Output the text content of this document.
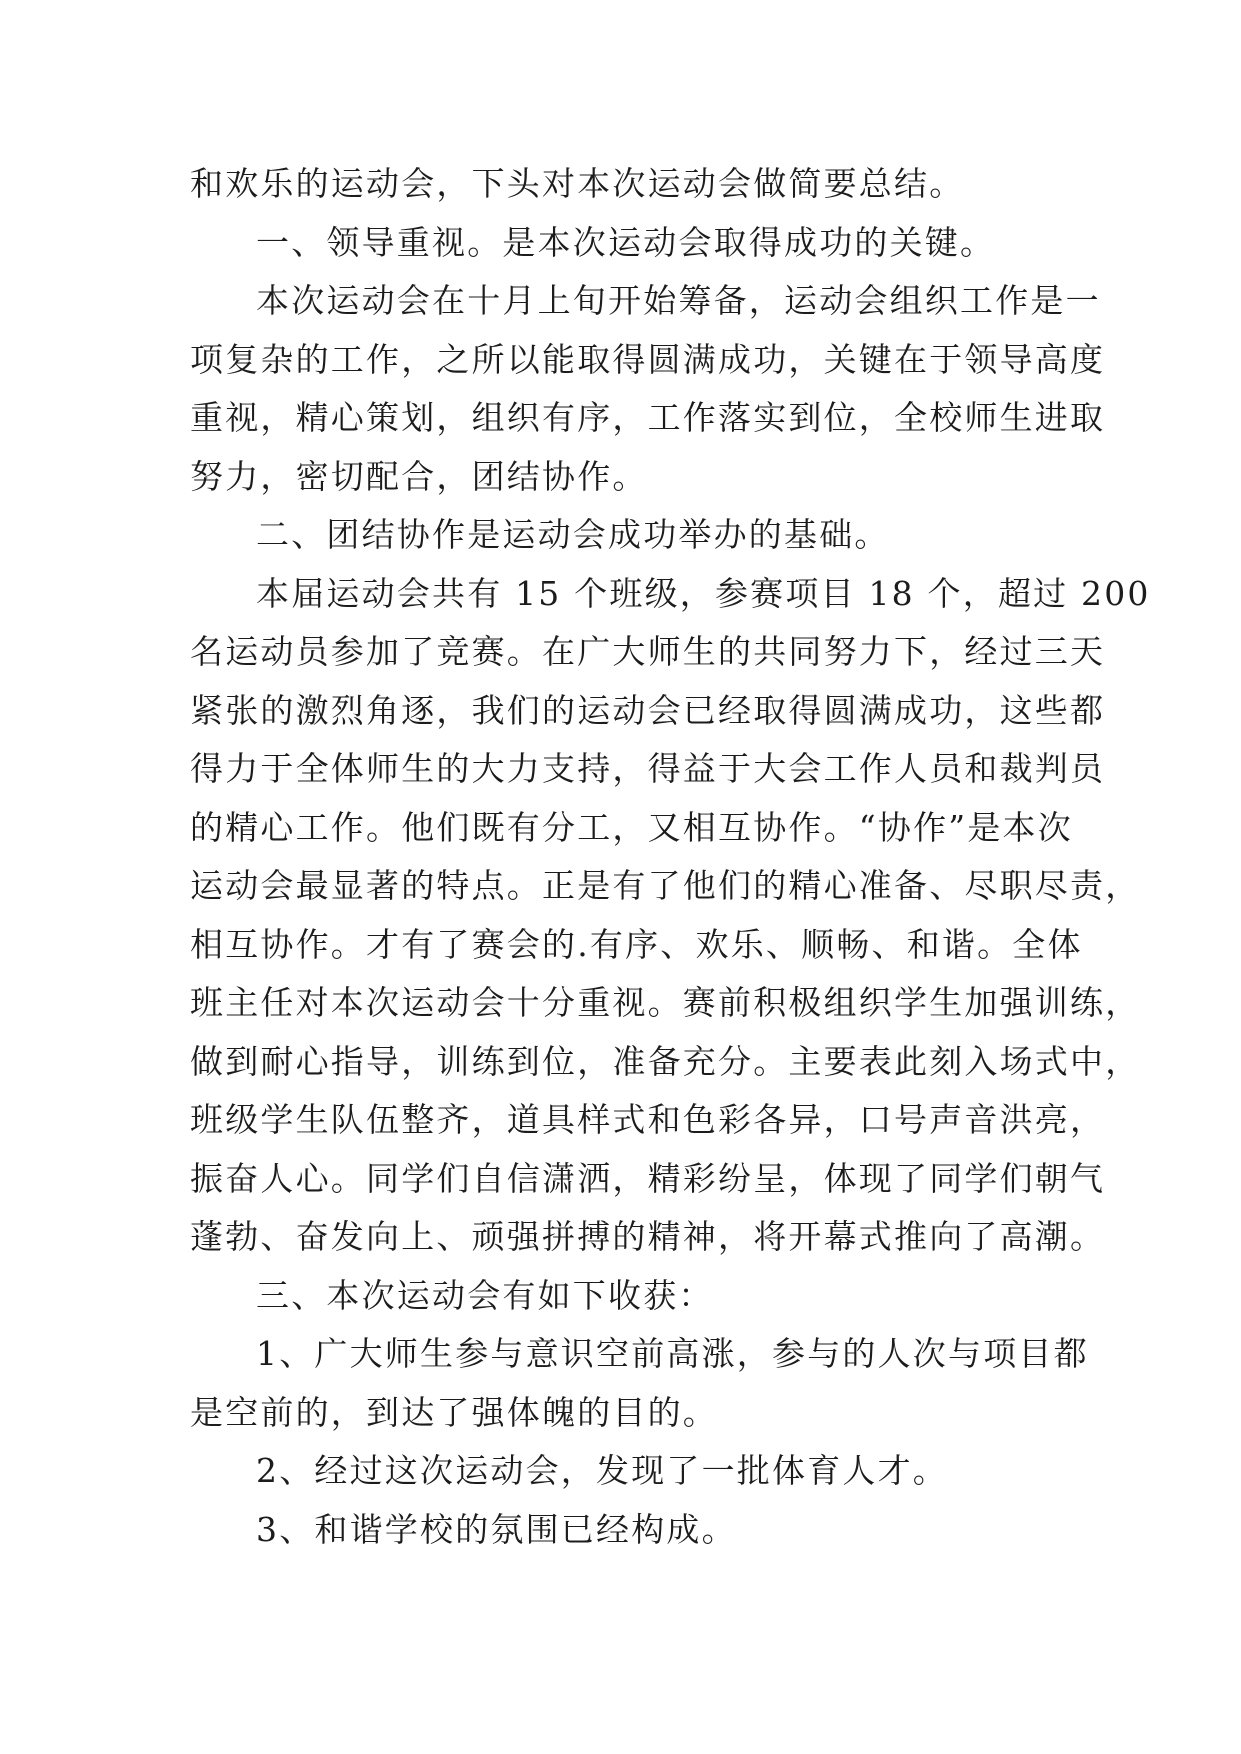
和欢乐的运动会，下头对本次运动会做简要总结。
一、领导重视。是本次运动会取得成功的关键。
本次运动会在十月上旬开始筹备，运动会组织工作是一
项复杂的工作，之所以能取得圆满成功，关键在于领导高度
重视，精心策划，组织有序，工作落实到位，全校师生进取
努力，密切配合，团结协作。
二、团结协作是运动会成功举办的基础。
本届运动会共有 15 个班级，参赛项目 18 个，超过 200
名运动员参加了竞赛。在广大师生的共同努力下，经过三天
紧张的激烈角逐，我们的运动会已经取得圆满成功，这些都
得力于全体师生的大力支持，得益于大会工作人员和裁判员
的精心工作。他们既有分工，又相互协作。“协作”是本次
运动会最显著的特点。正是有了他们的精心准备、尽职尽责，
相互协作。才有了赛会的.有序、欢乐、顺畅、和谐。全体
班主任对本次运动会十分重视。赛前积极组织学生加强训练，
做到耐心指导，训练到位，准备充分。主要表此刻入场式中，
班级学生队伍整齐，道具样式和色彩各异，口号声音洪亮，
振奋人心。同学们自信潇洒，精彩纷呈，体现了同学们朝气
蓬勃、奋发向上、顽强拼搏的精神，将开幕式推向了高潮。
三、本次运动会有如下收获：
1、广大师生参与意识空前高涨，参与的人次与项目都
是空前的，到达了强体魄的目的。
2、经过这次运动会，发现了一批体育人才。
3、和谐学校的氛围已经构成。
